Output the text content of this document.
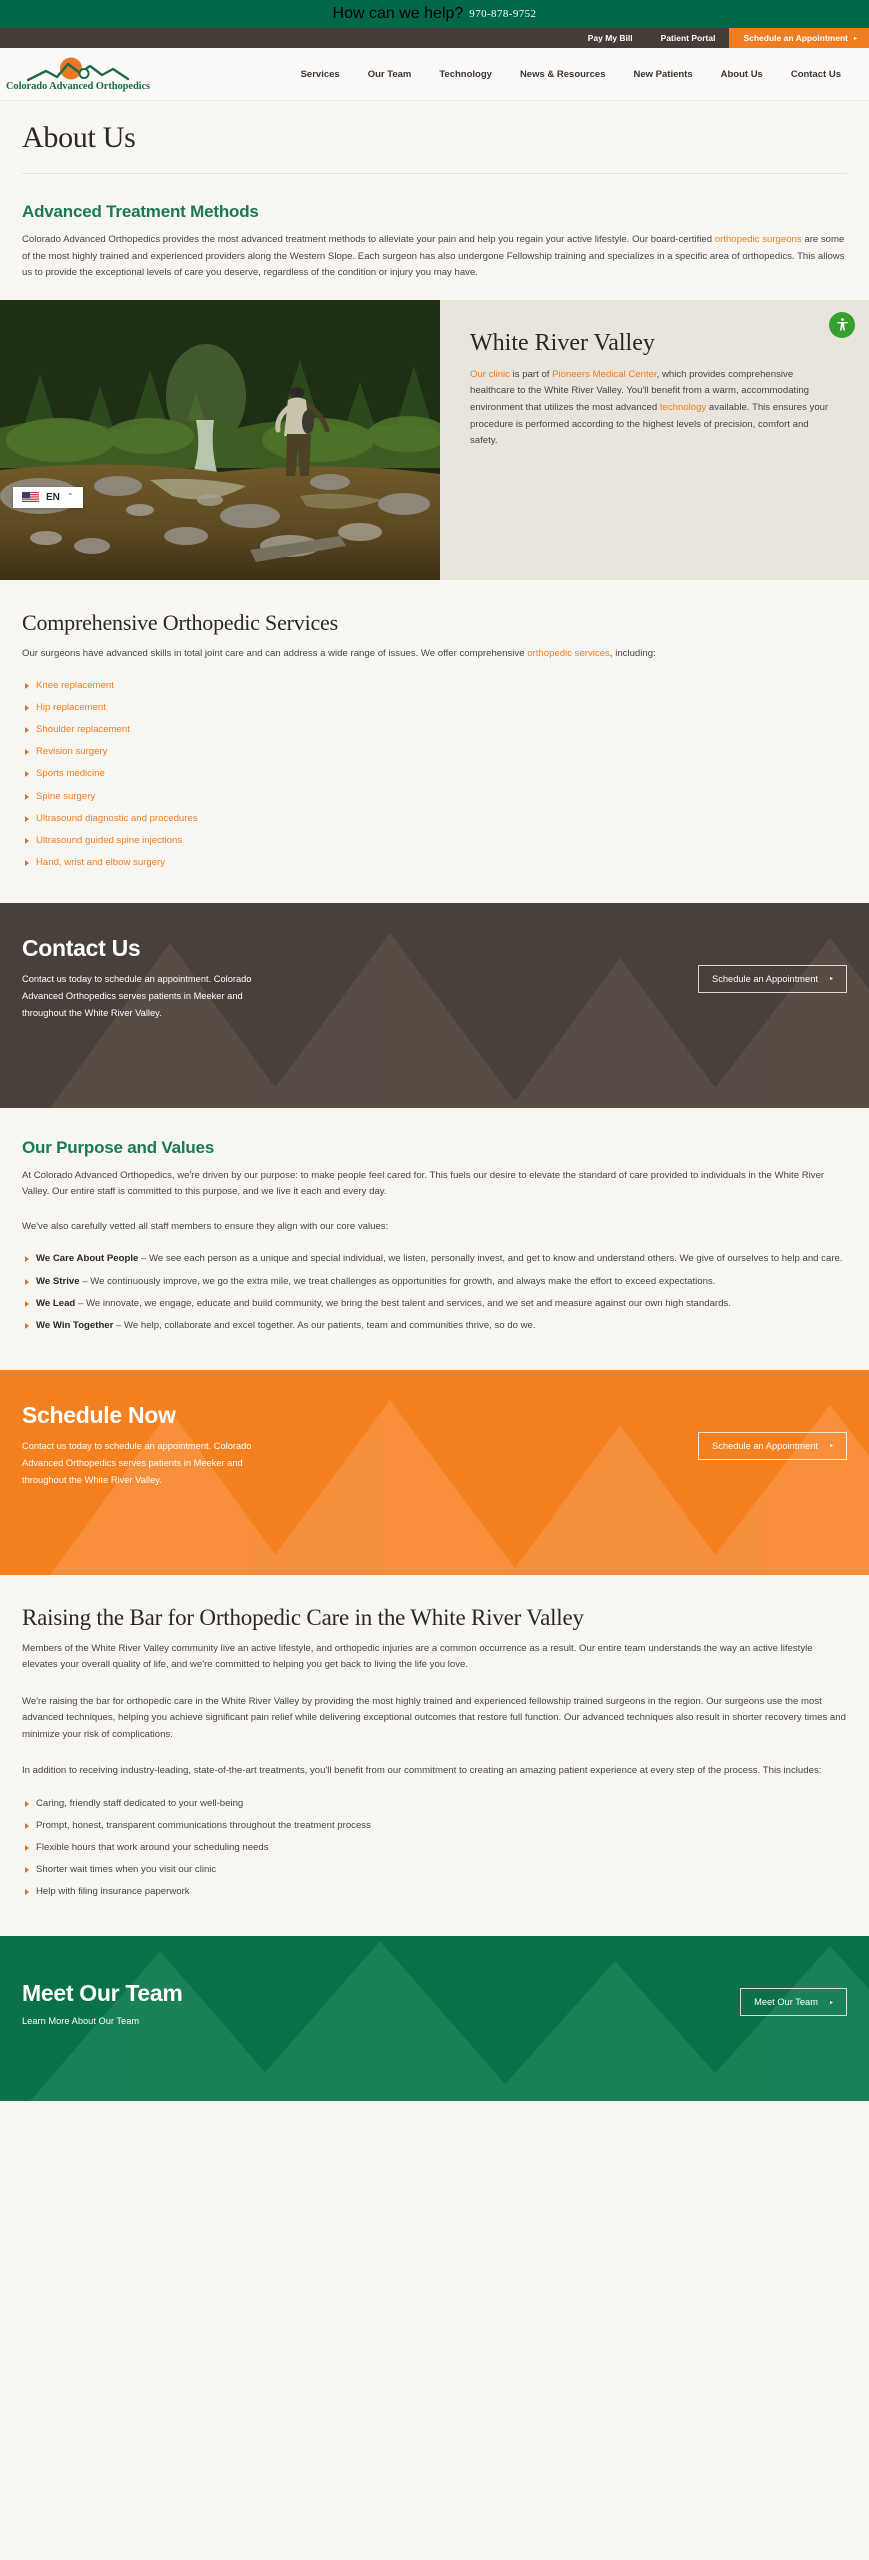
How can we help? 970-878-9752
Pay My Bill	Patient Portal	Schedule an Appointment ▸
Colorado Advanced Orthopedics
Services	Our Team	Technology	News & Resources	New Patients	About Us	Contact Us
About Us
Advanced Treatment Methods

Colorado Advanced Orthopedics provides the most advanced treatment methods to alleviate your pain and help you regain your active lifestyle. Our board-certified orthopedic surgeons are some of the most highly trained and experienced providers along the Western Slope. Each surgeon has also undergone Fellowship training and specializes in a specific area of orthopedics. This allows us to provide the exceptional levels of care you deserve, regardless of the condition or injury you may have.

EN ⌃
White River Valley

Our clinic is part of Pioneers Medical Center, which provides comprehensive healthcare to the White River Valley. You'll benefit from a warm, accommodating environment that utilizes the most advanced technology available. This ensures your procedure is performed according to the highest levels of precision, comfort and safety.

Comprehensive Orthopedic Services

Our surgeons have advanced skills in total joint care and can address a wide range of issues. We offer comprehensive orthopedic services, including:

Knee replacement
Hip replacement
Shoulder replacement
Revision surgery
Sports medicine
Spine surgery
Ultrasound diagnostic and procedures
Ultrasound guided spine injections
Hand, wrist and elbow surgery
Contact Us

Contact us today to schedule an appointment. Colorado Advanced Orthopedics serves patients in Meeker and throughout the White River Valley.

Schedule an Appointment ▸
Our Purpose and Values

At Colorado Advanced Orthopedics, we're driven by our purpose: to make people feel cared for. This fuels our desire to elevate the standard of care provided to individuals in the White River Valley. Our entire staff is committed to this purpose, and we live it each and every day.

We've also carefully vetted all staff members to ensure they align with our core values:

We Care About People – We see each person as a unique and special individual, we listen, personally invest, and get to know and understand others. We give of ourselves to help and care.
We Strive – We continuously improve, we go the extra mile, we treat challenges as opportunities for growth, and always make the effort to exceed expectations.
We Lead – We innovate, we engage, educate and build community, we bring the best talent and services, and we set and measure against our own high standards.
We Win Together – We help, collaborate and excel together. As our patients, team and communities thrive, so do we.
Schedule Now

Contact us today to schedule an appointment. Colorado Advanced Orthopedics serves patients in Meeker and throughout the White River Valley.

Schedule an Appointment ▸
Raising the Bar for Orthopedic Care in the White River Valley

Members of the White River Valley community live an active lifestyle, and orthopedic injuries are a common occurrence as a result. Our entire team understands the way an active lifestyle elevates your overall quality of life, and we're committed to helping you get back to living the life you love.

We're raising the bar for orthopedic care in the White River Valley by providing the most highly trained and experienced fellowship trained surgeons in the region. Our surgeons use the most advanced techniques, helping you achieve significant pain relief while delivering exceptional outcomes that restore full function. Our advanced techniques also result in shorter recovery times and minimize your risk of complications.

In addition to receiving industry-leading, state-of-the-art treatments, you'll benefit from our commitment to creating an amazing patient experience at every step of the process. This includes:

Caring, friendly staff dedicated to your well-being
Prompt, honest, transparent communications throughout the treatment process
Flexible hours that work around your scheduling needs
Shorter wait times when you visit our clinic
Help with filing insurance paperwork
Meet Our Team
Learn More About Our Team
Meet Our Team ▸
